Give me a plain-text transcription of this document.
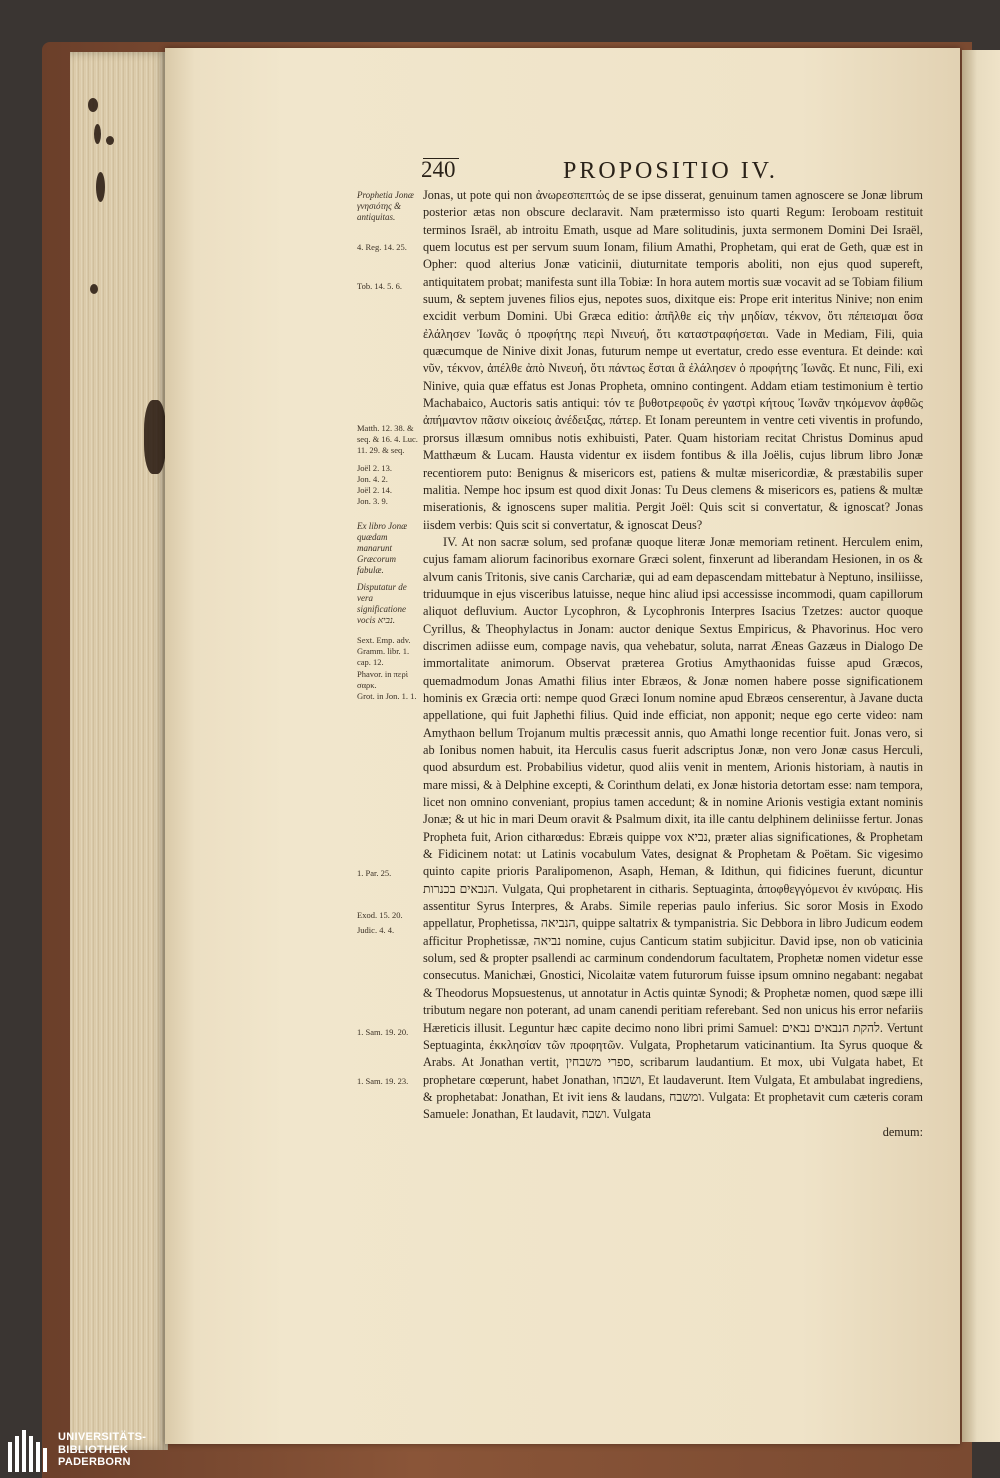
240	PROPOSITIO IV.
Prophetia Jonæ γνησιότης & antiquitas.
4. Reg. 14. 25.
Tob. 14. 5. 6.
Matth. 12. 38. & seq. & 16. 4. Luc. 11. 29. & seq.
Joël 2. 13.
Jon. 4. 2.
Joël 2. 14.
Jon. 3. 9.
Ex libro Jonæ quædam manarunt Græcorum fabulæ.
Disputatur de vera significatione vocis נביא.
Sext. Emp. adv. Gramm. libr. 1. cap. 12.
Phavor. in περὶ σαρκ.
Grot. in Jon. 1. 1.
1. Par. 25.
Exod. 15. 20.
Judic. 4. 4.
1. Sam. 19. 20.
1. Sam. 19. 23.

Jonas, ut pote qui non ἀνωρεσπεπτώς de se ipse disserat, genuinum tamen agnoscere se Jonæ librum posterior ætas non obscure declaravit. Nam prætermisso isto quarti Regum: Ieroboam restituit terminos Israël, ab introitu Emath, usque ad Mare solitudinis, juxta sermonem Domini Dei Israël, quem locutus est per servum suum Ionam, filium Amathi, Prophetam, qui erat de Geth, quæ est in Opher: quod alterius Jonæ vaticinii, diuturnitate temporis aboliti, non ejus quod supereft, antiquitatem probat; manifesta sunt illa Tobiæ: In hora autem mortis suæ vocavit ad se Tobiam filium suum, & septem juvenes filios ejus, nepotes suos, dixitque eis: Prope erit interitus Ninive; non enim excidit verbum Domini. Ubi Græca editio: ἀπῆλθε εἰς τὴν μηδίαν, τέκνον, ὅτι πέπεισμαι ὅσα ἐλάλησεν Ἰωνᾶς ὁ προφήτης περὶ Νινευή, ὅτι καταστραφήσεται. Vade in Mediam, Fili, quia quæcumque de Ninive dixit Jonas, futurum nempe ut evertatur, credo esse eventura. Et deinde: καὶ νῦν, τέκνον, ἀπέλθε ἀπὸ Νινευή, ὅτι πάντως ἔσται ἃ ἐλάλησεν ὁ προφήτης Ἰωνᾶς. Et nunc, Fili, exi Ninive, quia quæ effatus est Jonas Propheta, omnino contingent. Addam etiam testimonium è tertio Machabaico, Auctoris satis antiqui: τόν τε βυθοτρεφοῦς ἐν γαστρὶ κήτους Ἰωνᾶν τηκόμενον ἀφθῶς ἀπήμαντον πᾶσιν οἰκείοις ἀνέδειξας, πάτερ. Et Ionam pereuntem in ventre ceti viventis in profundo, prorsus illæsum omnibus notis exhibuisti, Pater. Quam historiam recitat Christus Dominus apud Matthæum & Lucam. Hausta videntur ex iisdem fontibus & illa Joëlis, cujus librum libro Jonæ recentiorem puto: Benignus & misericors est, patiens & multæ misericordiæ, & præstabilis super malitia. Nempe hoc ipsum est quod dixit Jonas: Tu Deus clemens & misericors es, patiens & multæ miserationis, & ignoscens super malitia. Pergit Joël: Quis scit si convertatur, & ignoscat? Jonas iisdem verbis: Quis scit si convertatur, & ignoscat Deus?

IV. At non sacræ solum, sed profanæ quoque literæ Jonæ memoriam retinent. Herculem enim, cujus famam aliorum facinoribus exornare Græci solent, finxerunt ad liberandam Hesionen, in os & alvum canis Tritonis, sive canis Carchariæ, qui ad eam depascendam mittebatur à Neptuno, insiliisse, triduumque in ejus visceribus latuisse, neque hinc aliud ipsi accessisse incommodi, quam capillorum aliquot defluvium. Auctor Lycophron, & Lycophronis Interpres Isacius Tzetzes: auctor quoque Cyrillus, & Theophylactus in Jonam: auctor denique Sextus Empiricus, & Phavorinus. Hoc vero discrimen adiisse eum, compage navis, qua vehebatur, soluta, narrat Æneas Gazæus in Dialogo De immortalitate animorum. Observat præterea Grotius Amythaonidas fuisse apud Græcos, quemadmodum Jonas Amathi filius inter Ebræos, & Jonæ nomen habere posse significationem hominis ex Græcia orti: nempe quod Græci Ionum nomine apud Ebræos censerentur, à Javane ducta appellatione, qui fuit Japhethi filius. Quid inde efficiat, non apponit; neque ego certe video: nam Amythaon bellum Trojanum multis præcessit annis, quo Amathi longe recentior fuit. Jonas vero, si ab Ionibus nomen habuit, ita Herculis casus fuerit adscriptus Jonæ, non vero Jonæ casus Herculi, quod absurdum est. Probabilius videtur, quod aliis venit in mentem, Arionis historiam, à nautis in mare missi, & à Delphine excepti, & Corinthum delati, ex Jonæ historia detortam esse: nam tempora, licet non omnino conveniant, propius tamen accedunt; & in nomine Arionis vestigia extant nominis Jonæ; & ut hic in mari Deum oravit & Psalmum dixit, ita ille cantu delphinem deliniisse fertur. Jonas Propheta fuit, Arion citharœdus: Ebræis quippe vox נביא, præter alias significationes, & Prophetam & Fidicinem notat: ut Latinis vocabulum Vates, designat & Prophetam & Poëtam. Sic vigesimo quinto capite prioris Paralipomenon, Asaph, Heman, & Idithun, qui fidicines fuerunt, dicuntur הנבאים בכנרות. Vulgata, Qui prophetarent in citharis. Septuaginta, ἀποφθεγγόμενοι ἐν κινύραις. His assentitur Syrus Interpres, & Arabs. Simile reperias paulo inferius. Sic soror Mosis in Exodo appellatur, Prophetissa, הנביאה, quippe saltatrix & tympanistria. Sic Debbora in libro Judicum eodem afficitur Prophetissæ, נביאה nomine, cujus Canticum statim subjicitur. David ipse, non ob vaticinia solum, sed & propter psallendi ac carminum condendorum facultatem, Prophetæ nomen videtur esse consecutus. Manichæi, Gnostici, Nicolaitæ vatem futurorum fuisse ipsum omnino negabant: negabat & Theodorus Mopsuestenus, ut annotatur in Actis quintæ Synodi; & Prophetæ nomen, quod sæpe illi tributum negare non poterant, ad unam canendi peritiam referebant. Sed non unicus his error nefariis Hæreticis illusit. Leguntur hæc capite decimo nono libri primi Samuel: להקת הנבאים נבאים. Vertunt Septuaginta, ἐκκλησίαν τῶν προφητῶν. Vulgata, Prophetarum vaticinantium. Ita Syrus quoque & Arabs. At Jonathan vertit, ספרי משבחין, scribarum laudantium. Et mox, ubi Vulgata habet, Et prophetare cœperunt, habet Jonathan, ושבחו, Et laudaverunt. Item Vulgata, Et ambulabat ingrediens, & prophetabat: Jonathan, Et ivit iens & laudans, ומשבח. Vulgata: Et prophetavit cum cæteris coram Samuele: Jonathan, Et laudavit, ושבח. Vulgata

demum:

UNIVERSITÄTS-
BIBLIOTHEK
PADERBORN
